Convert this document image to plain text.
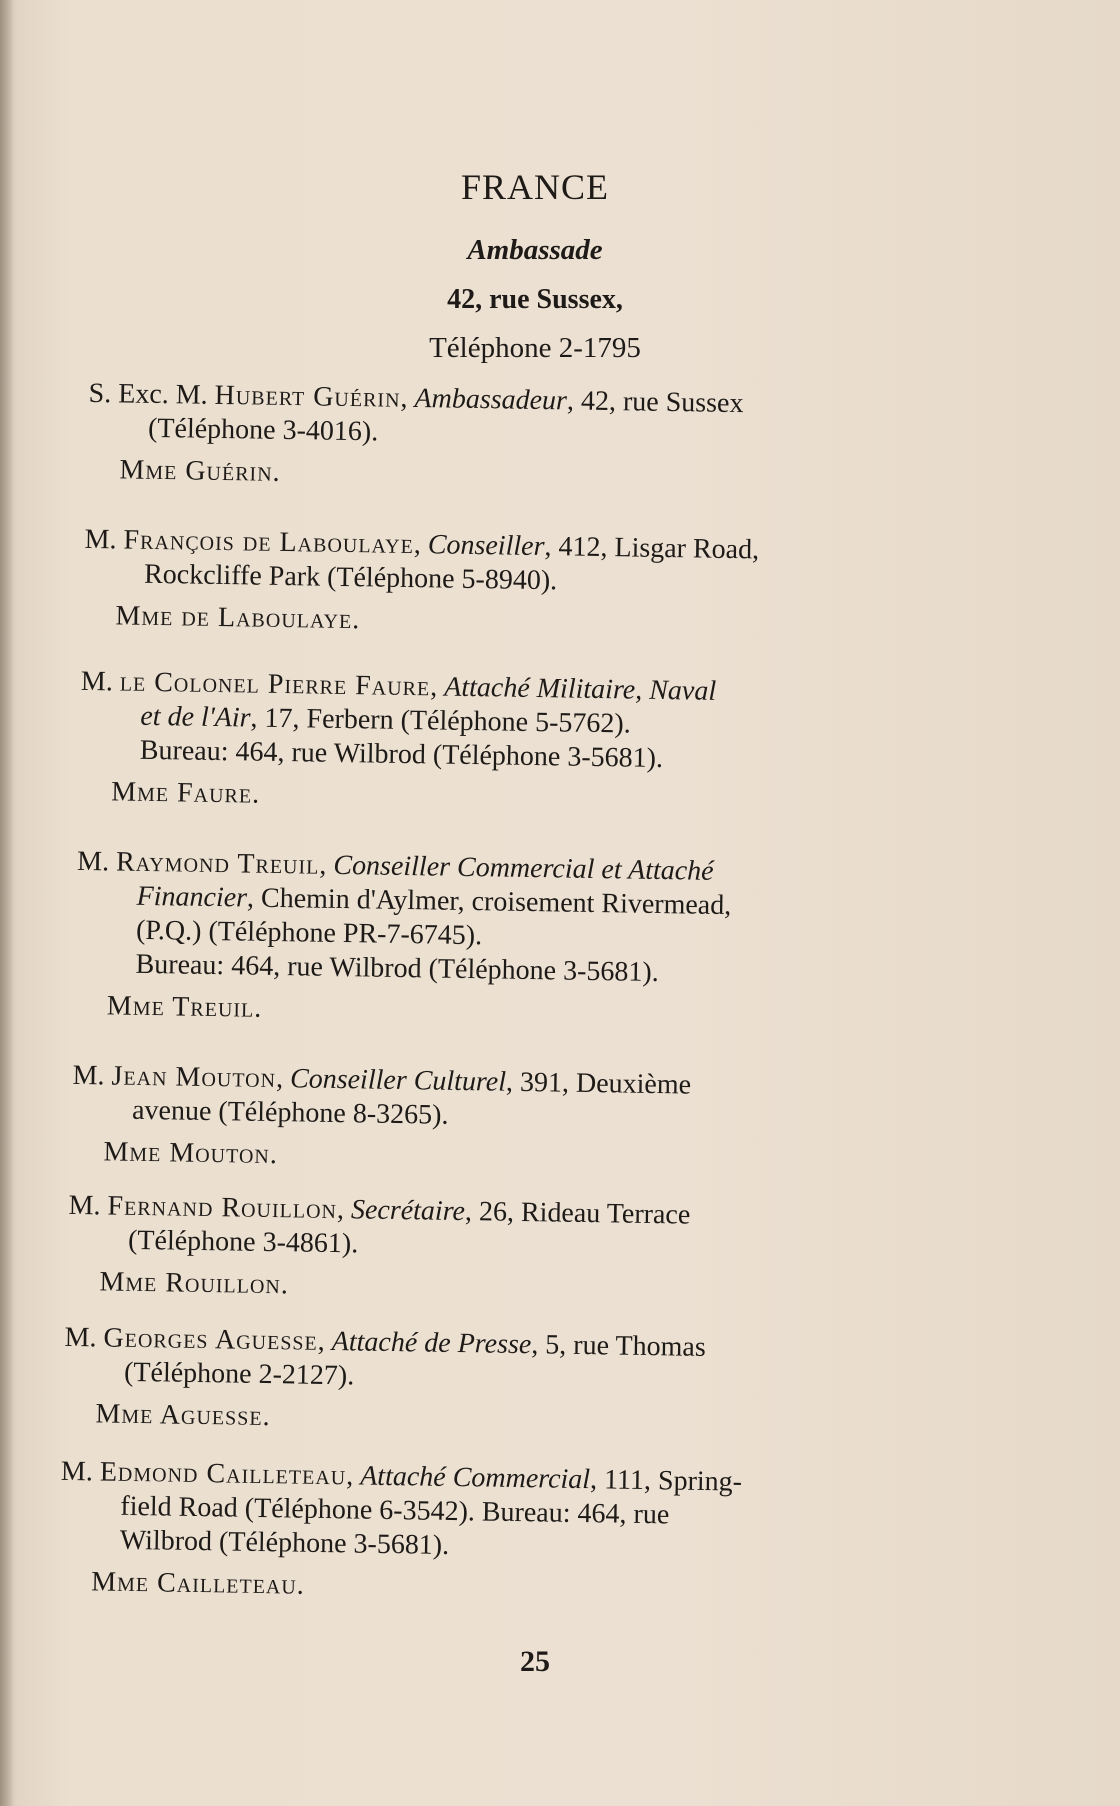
FRANCE
Ambassade
42, rue Sussex,
Téléphone 2-1795
S. Exc. M. Hubert Guérin, Ambassadeur, 42, rue Sussex
(Téléphone 3-4016).
Mme Guérin.
M. François de Laboulaye, Conseiller, 412, Lisgar Road,
Rockcliffe Park (Téléphone 5-8940).
Mme de Laboulaye.
M. le Colonel Pierre Faure, Attaché Militaire, Naval
et de l'Air, 17, Ferbern (Téléphone 5-5762).
Bureau: 464, rue Wilbrod (Téléphone 3-5681).
Mme Faure.
M. Raymond Treuil, Conseiller Commercial et Attaché
Financier, Chemin d'Aylmer, croisement Rivermead,
(P.Q.) (Téléphone PR-7-6745).
Bureau: 464, rue Wilbrod (Téléphone 3-5681).
Mme Treuil.
M. Jean Mouton, Conseiller Culturel, 391, Deuxième
avenue (Téléphone 8-3265).
Mme Mouton.
M. Fernand Rouillon, Secrétaire, 26, Rideau Terrace
(Téléphone 3-4861).
Mme Rouillon.
M. Georges Aguesse, Attaché de Presse, 5, rue Thomas
(Téléphone 2-2127).
Mme Aguesse.
M. Edmond Cailleteau, Attaché Commercial, 111, Spring-
field Road (Téléphone 6-3542). Bureau: 464, rue
Wilbrod (Téléphone 3-5681).
Mme Cailleteau.
25
